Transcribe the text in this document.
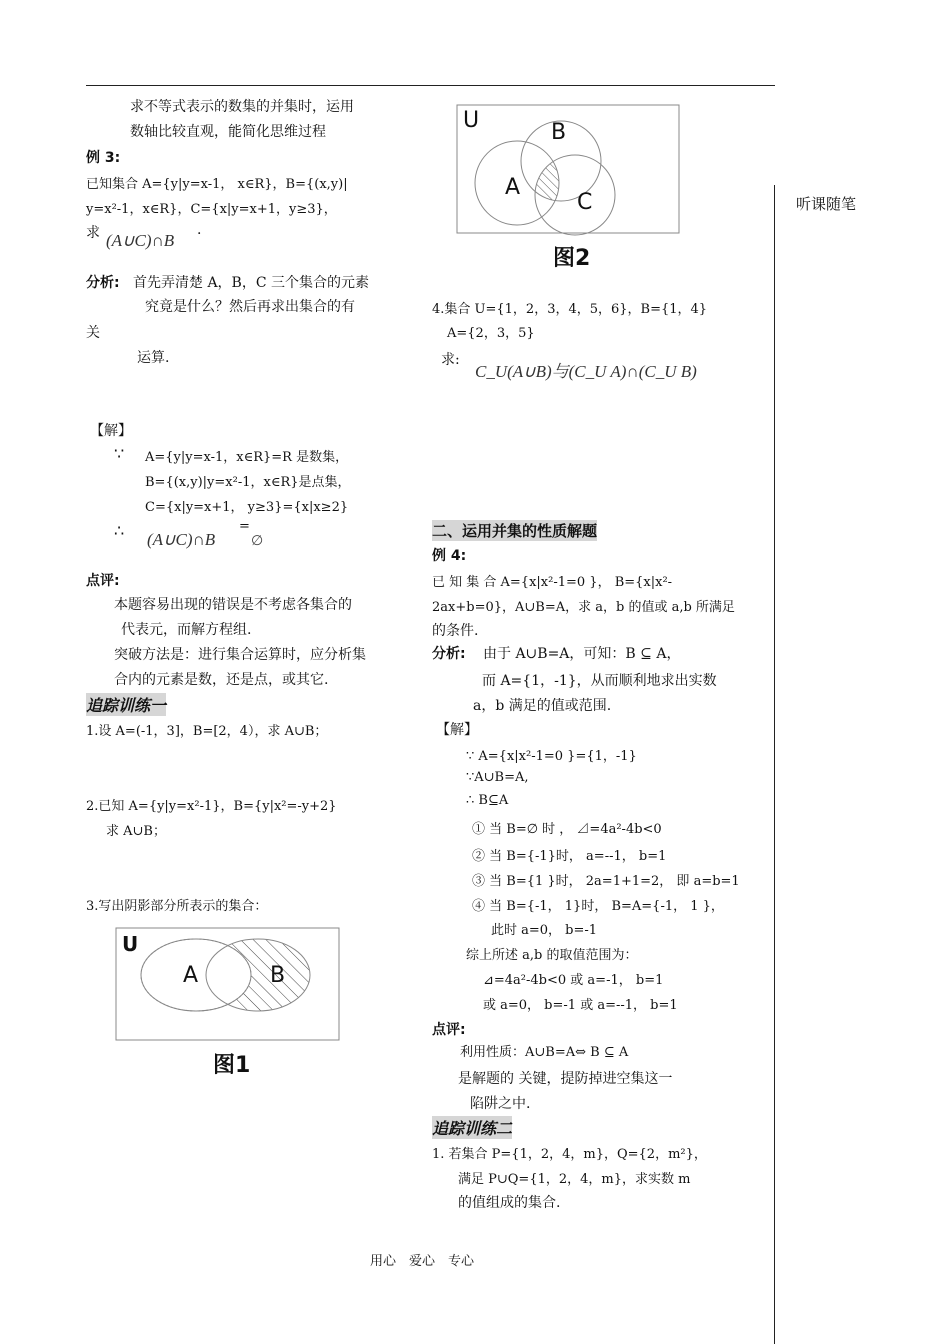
听课随笔
求不等式表示的数集的并集时，运用
数轴比较直观，能简化思维过程
例 3:
已知集合 A={y|y=x-1， x∈R}，B={(x,y)|
y=x²-1，x∈R}，C={x|y=x+1，y≥3}，
求 (A∪C)∩B ·
分析: 首先弄清楚 A，B，C 三个集合的元素
究竟是什么？然后再求出集合的有
关
运算.
【解】
∵ A={y|y=x-1，x∈R}=R 是数集，
B={(x,y)|y=x²-1，x∈R}是点集，
C={x|y=x+1， y≥3}={x|x≥2}
∴ (A∪C)∩B
=
∅
点评:
本题容易出现的错误是不考虑各集合的
代表元，而解方程组.
突破方法是：进行集合运算时，应分析集
合内的元素是数，还是点，或其它.
追踪训练一
1.设 A=(-1，3]，B=[2，4），求 A∪B；
2.已知 A={y|y=x²-1}，B={y|x²=-y+2}
求 A∪B；
3.写出阴影部分所表示的集合：
U
A	B
图1
U	B
A
C
图2
4.集合 U={1，2，3，4，5，6}，B={1，4}
A={2，3，5}
求:
C_U(A∪B)与(C_U A)∩(C_U B)
二、运用并集的性质解题
例 4:
已 知 集 合 A={x|x²-1=0 }， B={x|x²-
2ax+b=0}，A∪B=A，求 a，b 的值或 a,b 所满足
的条件.
分析: 由于 A∪B=A，可知：B ⊆ A，
而 A={1，-1}，从而顺利地求出实数
a，b 满足的值或范围.
【解】
∵ A={x|x²-1=0 }={1，-1}
∵A∪B=A,
∴ B⊆A
① 当 B=∅ 时 ， ⊿=4a²-4b<0
② 当 B={-1}时， a=--1， b=1
③ 当 B={1 }时， 2a=1+1=2， 即 a=b=1
④ 当 B={-1， 1}时， B=A={-1， 1 }，
此时 a=0， b=-1
综上所述 a,b 的取值范围为：
⊿=4a²-4b<0 或 a=-1， b=1
或 a=0， b=-1 或 a=--1， b=1
点评:
利用性质：A∪B=A⇔ B ⊆ A
是解题的 关键，提防掉进空集这一
陷阱之中.
追踪训练二
1. 若集合 P={1，2，4，m}，Q={2，m²}，
满足 P∪Q={1，2，4，m}，求实数 m
的值组成的集合.
用心　爱心　专心
